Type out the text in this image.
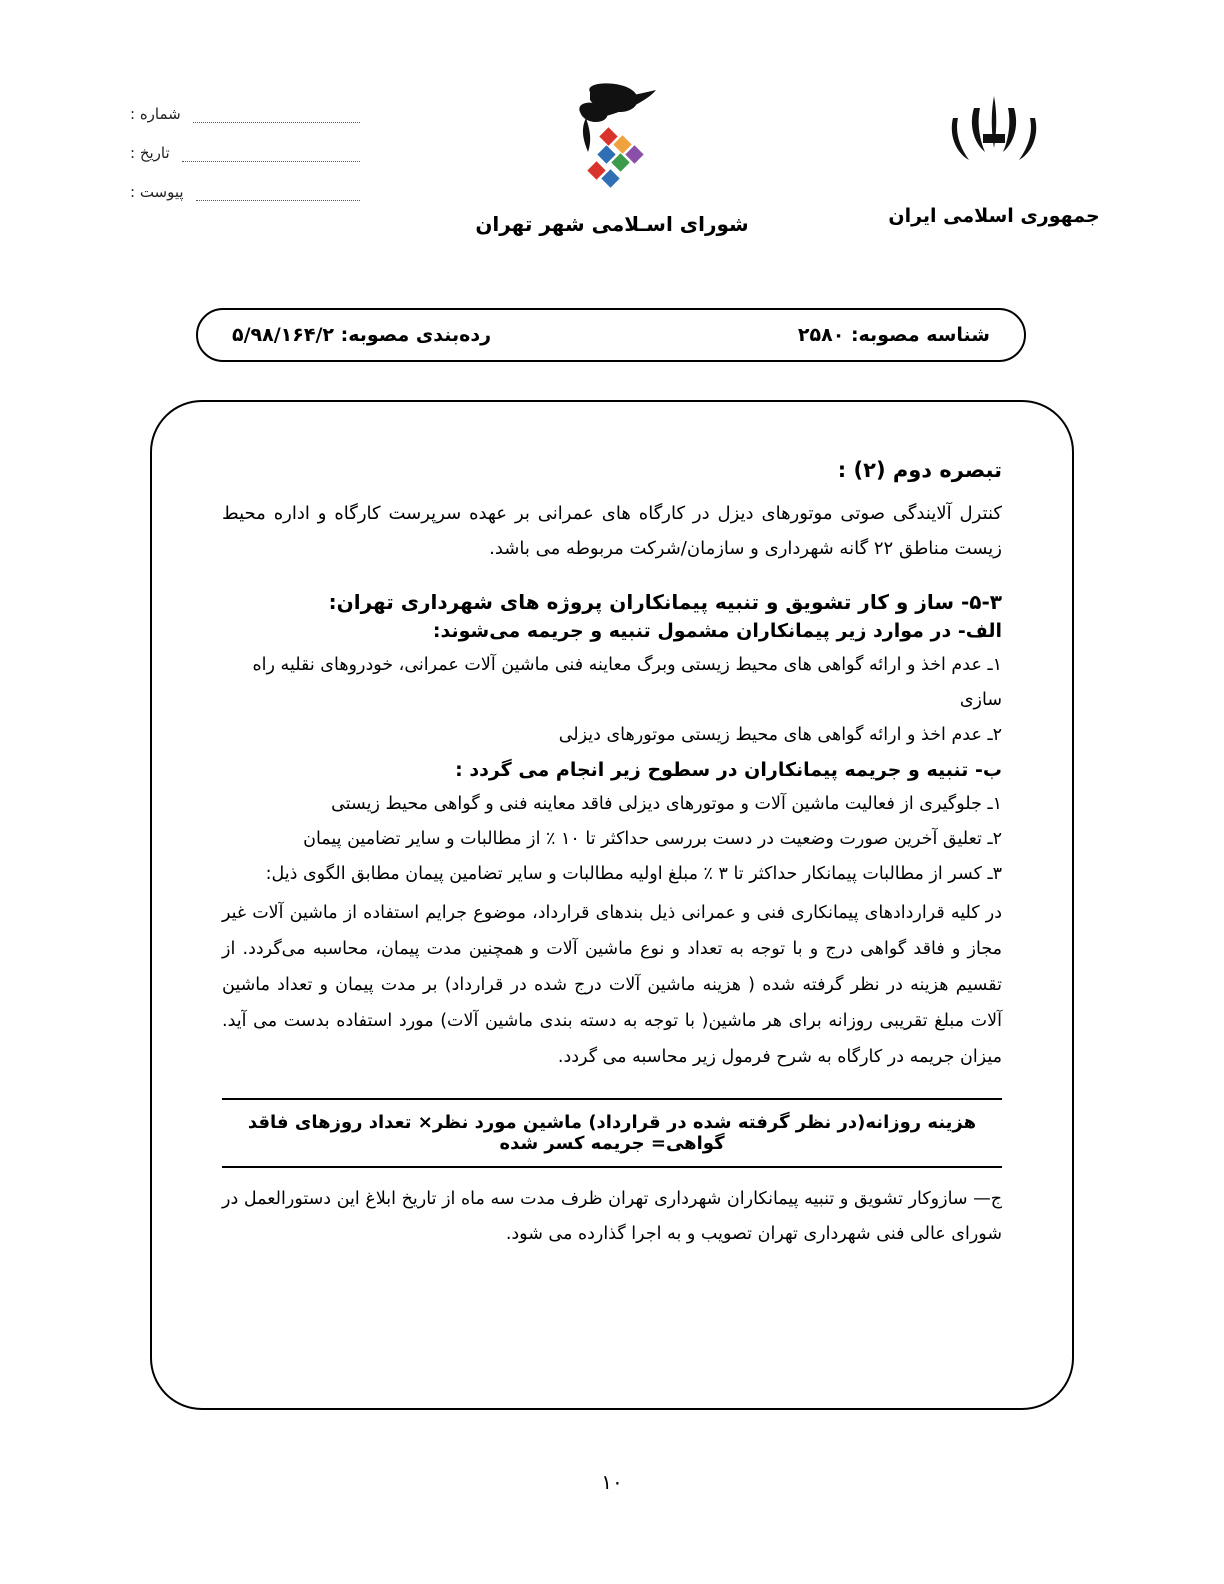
شماره :
تاریخ :
پیوست :
شورای اسـلامی شهر تهران	جمهوری اسلامی ایران
شناسه مصوبه: ۲۵۸۰
رده‌بندی مصوبه: ۵/۹۸/۱۶۴/۲
تبصره دوم (۲) :

کنترل آلایندگی صوتی موتورهای دیزل در کارگاه های عمرانی بر عهده سرپرست کارگاه و اداره محیط زیست مناطق ۲۲ گانه شهرداری و سازمان/شرکت مربوطه می باشد.

۵-۳- ساز و کار تشویق و تنبیه پیمانکاران پروژه های شهرداری تهران:
الف- در موارد زیر پیمانکاران مشمول تنبیه و جریمه می‌شوند:
۱ـ عدم اخذ و ارائه گواهی های محیط زیستی وبرگ معاینه فنی ماشین آلات عمرانی، خودروهای نقلیه راه سازی
۲ـ عدم اخذ و ارائه گواهی های محیط زیستی موتورهای دیزلی
ب- تنبیه و جریمه پیمانکاران در سطوح زیر انجام می گردد :
۱ـ جلوگیری از فعالیت ماشین آلات و موتورهای دیزلی فاقد معاینه فنی و گواهی محیط زیستی
۲ـ تعلیق آخرین صورت وضعیت در دست بررسی حداکثر تا ۱۰ ٪ از مطالبات و سایر تضامین پیمان
۳ـ کسر از مطالبات پیمانکار حداکثر تا ۳ ٪ مبلغ اولیه مطالبات و سایر تضامین پیمان مطابق الگوی ذیل:

در کلیه قراردادهای پیمانکاری فنی و عمرانی ذیل بندهای قرارداد، موضوع جرایم استفاده از ماشین آلات غیر مجاز و فاقد گواهی درج و با توجه به تعداد و نوع ماشین آلات و همچنین مدت پیمان، محاسبه می‌گردد. از تقسیم هزینه در نظر گرفته شده ( هزینه ماشین آلات درج شده در قرارداد) بر مدت پیمان و تعداد ماشین آلات مبلغ تقریبی روزانه برای هر ماشین( با توجه به دسته بندی ماشین آلات) مورد استفاده بدست می آید. میزان جریمه در کارگاه به شرح فرمول زیر محاسبه می گردد.

هزینه روزانه(در نظر گرفته شده در قرارداد) ماشین مورد نظر× تعداد روزهای فاقد گواهی= جریمه کسر شده

ج— سازوکار تشویق و تنبیه پیمانکاران شهرداری تهران ظرف مدت سه ماه از تاریخ ابلاغ این دستورالعمل در شورای عالی فنی شهرداری تهران تصویب و به اجرا گذارده می شود.

۱۰
